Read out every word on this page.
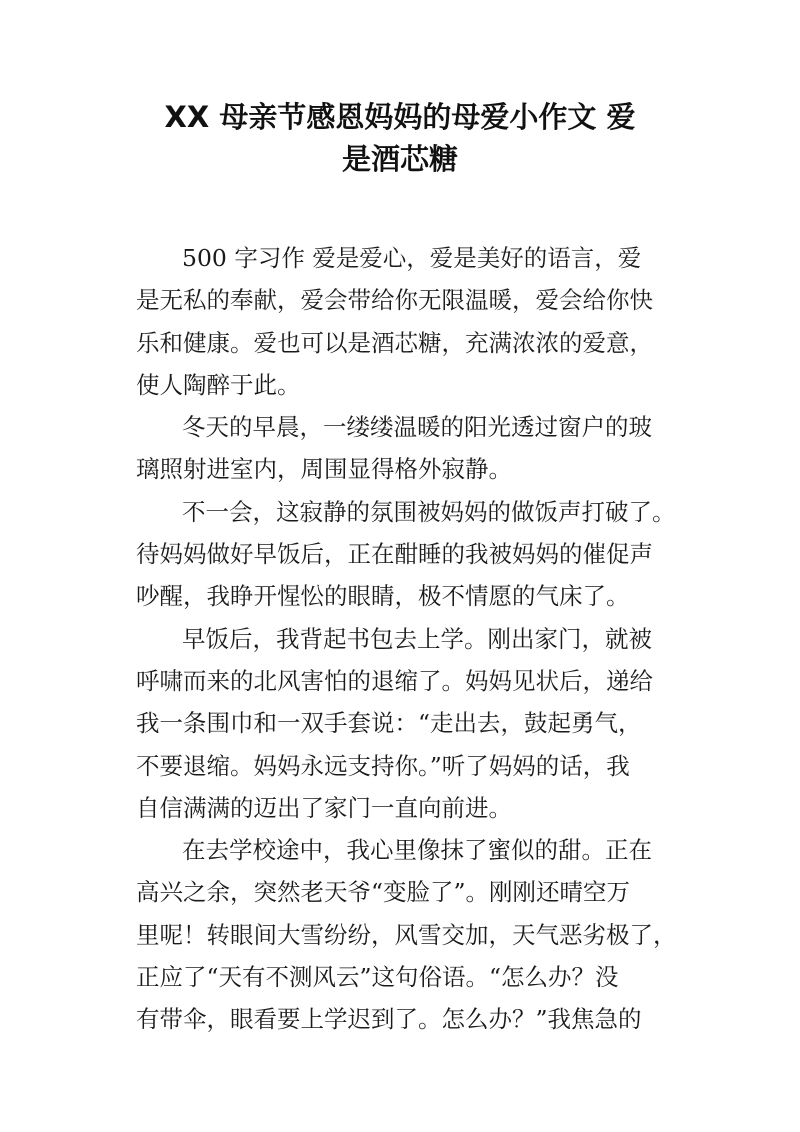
XX 母亲节感恩妈妈的母爱小作文 爱
是酒芯糖
500 字习作 爱是爱心，爱是美好的语言，爱
是无私的奉献，爱会带给你无限温暖，爱会给你快
乐和健康。爱也可以是酒芯糖，充满浓浓的爱意，
使人陶醉于此。
冬天的早晨，一缕缕温暖的阳光透过窗户的玻
璃照射进室内，周围显得格外寂静。
不一会，这寂静的氛围被妈妈的做饭声打破了。
待妈妈做好早饭后，正在酣睡的我被妈妈的催促声
吵醒，我睁开惺忪的眼睛，极不情愿的气床了。
早饭后，我背起书包去上学。刚出家门，就被
呼啸而来的北风害怕的退缩了。妈妈见状后，递给
我一条围巾和一双手套说：“走出去，鼓起勇气，
不要退缩。妈妈永远支持你。”听了妈妈的话，我
自信满满的迈出了家门一直向前进。
在去学校途中，我心里像抹了蜜似的甜。正在
高兴之余，突然老天爷“变脸了”。刚刚还晴空万
里呢！转眼间大雪纷纷，风雪交加，天气恶劣极了，
正应了“天有不测风云”这句俗语。“怎么办？没
有带伞，眼看要上学迟到了。怎么办？”我焦急的
